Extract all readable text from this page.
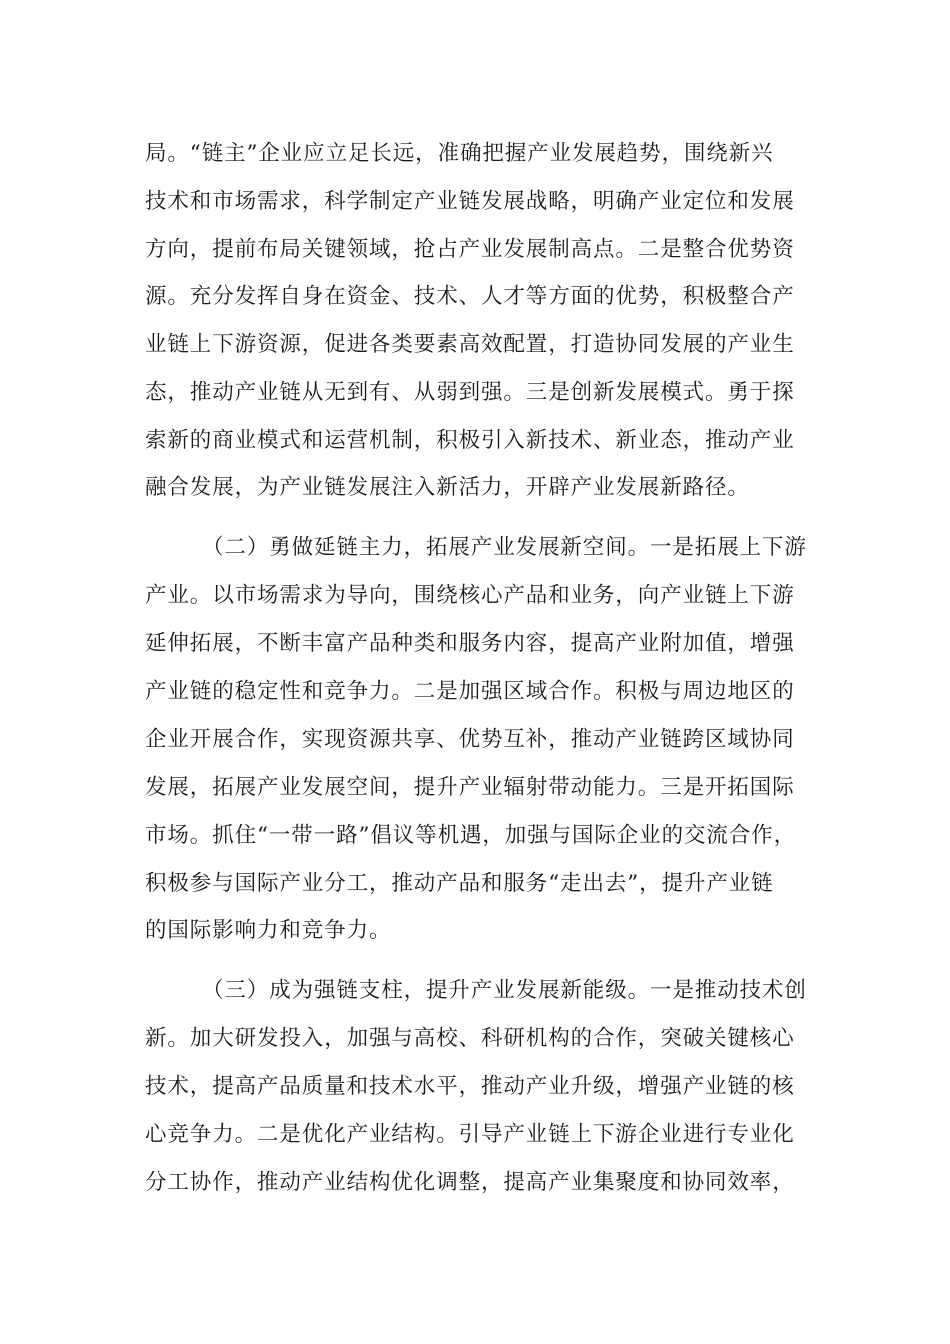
局。“链主”企业应立足长远，准确把握产业发展趋势，围绕新兴
技术和市场需求，科学制定产业链发展战略，明确产业定位和发展
方向，提前布局关键领域，抢占产业发展制高点。二是整合优势资
源。充分发挥自身在资金、技术、人才等方面的优势，积极整合产
业链上下游资源，促进各类要素高效配置，打造协同发展的产业生
态，推动产业链从无到有、从弱到强。三是创新发展模式。勇于探
索新的商业模式和运营机制，积极引入新技术、新业态，推动产业
融合发展，为产业链发展注入新活力，开辟产业发展新路径。
（二）勇做延链主力，拓展产业发展新空间。一是拓展上下游
产业。以市场需求为导向，围绕核心产品和业务，向产业链上下游
延伸拓展，不断丰富产品种类和服务内容，提高产业附加值，增强
产业链的稳定性和竞争力。二是加强区域合作。积极与周边地区的
企业开展合作，实现资源共享、优势互补，推动产业链跨区域协同
发展，拓展产业发展空间，提升产业辐射带动能力。三是开拓国际
市场。抓住“一带一路”倡议等机遇，加强与国际企业的交流合作，
积极参与国际产业分工，推动产品和服务“走出去”，提升产业链
的国际影响力和竞争力。
（三）成为强链支柱，提升产业发展新能级。一是推动技术创
新。加大研发投入，加强与高校、科研机构的合作，突破关键核心
技术，提高产品质量和技术水平，推动产业升级，增强产业链的核
心竞争力。二是优化产业结构。引导产业链上下游企业进行专业化
分工协作，推动产业结构优化调整，提高产业集聚度和协同效率，
